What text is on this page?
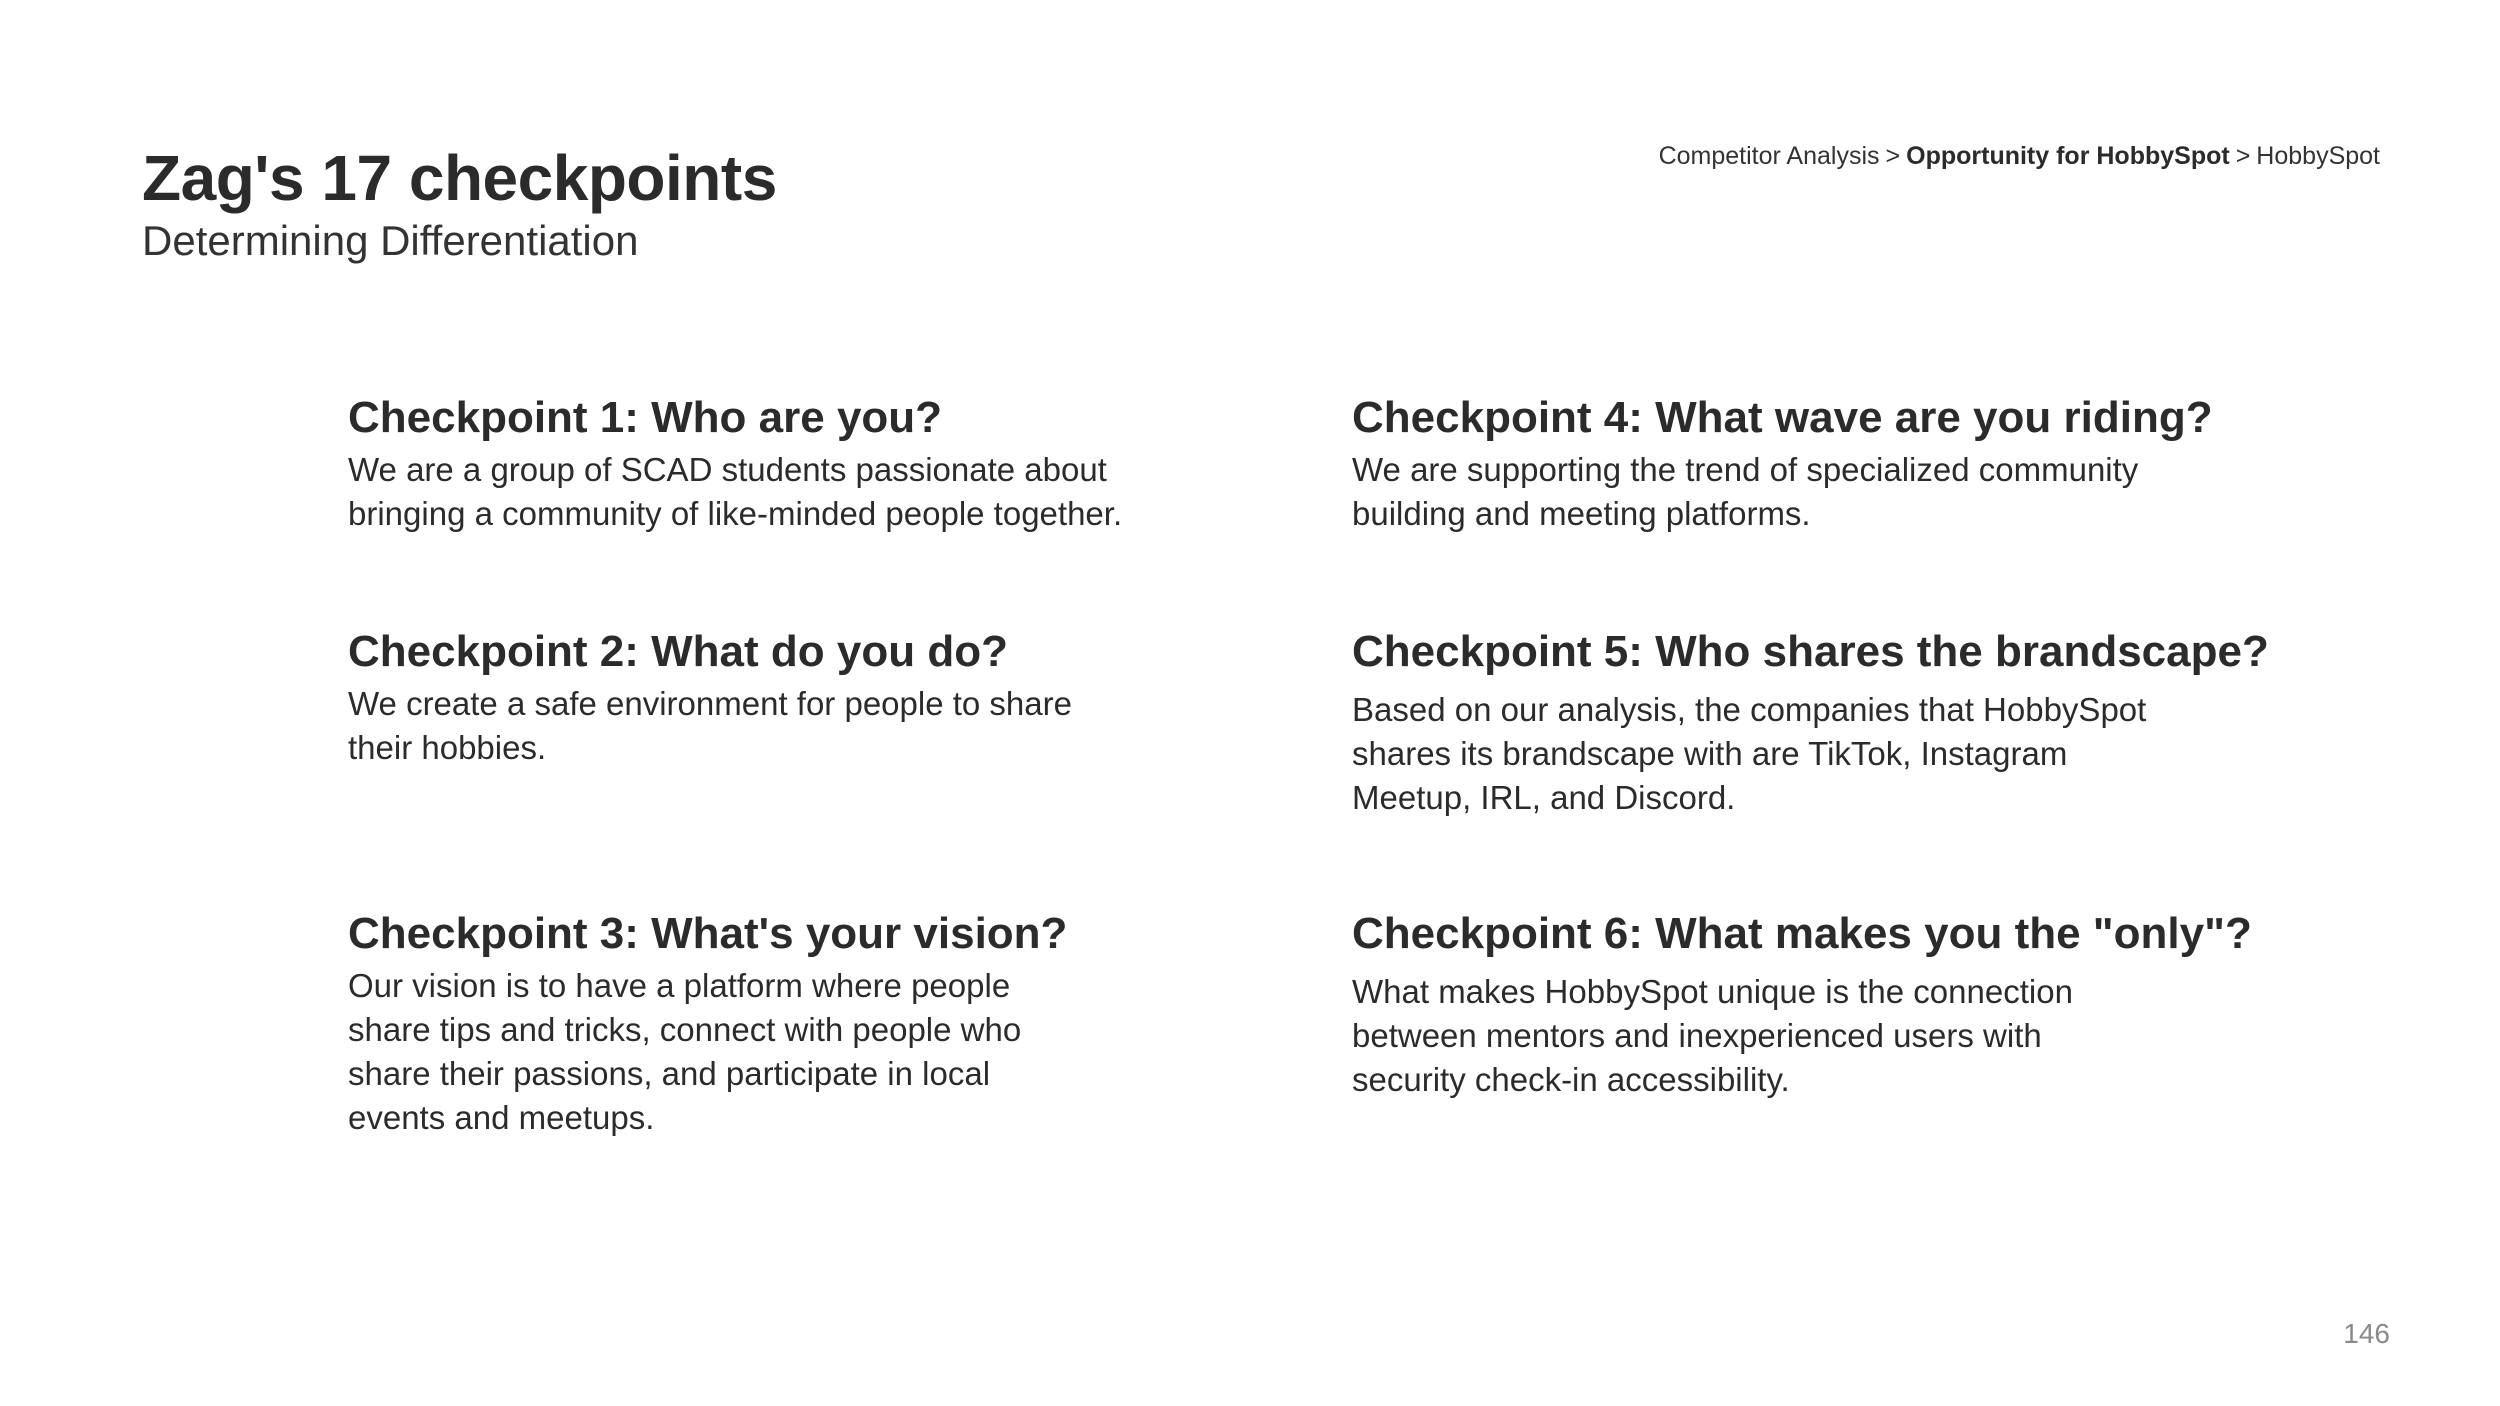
Zag's 17 checkpoints
Determining Differentiation
Competitor Analysis > Opportunity for HobbySpot > HobbySpot
Checkpoint 1: Who are you?

We are a group of SCAD students passionate about
bringing a community of like-minded people together.

Checkpoint 2: What do you do?

We create a safe environment for people to share
their hobbies.

Checkpoint 3: What's your vision?

Our vision is to have a platform where people
share tips and tricks, connect with people who
share their passions, and participate in local
events and meetups.

Checkpoint 4: What wave are you riding?

We are supporting the trend of specialized community
building and meeting platforms.

Checkpoint 5: Who shares the brandscape?

Based on our analysis, the companies that HobbySpot
shares its brandscape with are TikTok, Instagram
Meetup, IRL, and Discord.

Checkpoint 6: What makes you the "only"?

What makes HobbySpot unique is the connection
between mentors and inexperienced users with
security check-in accessibility.

146
